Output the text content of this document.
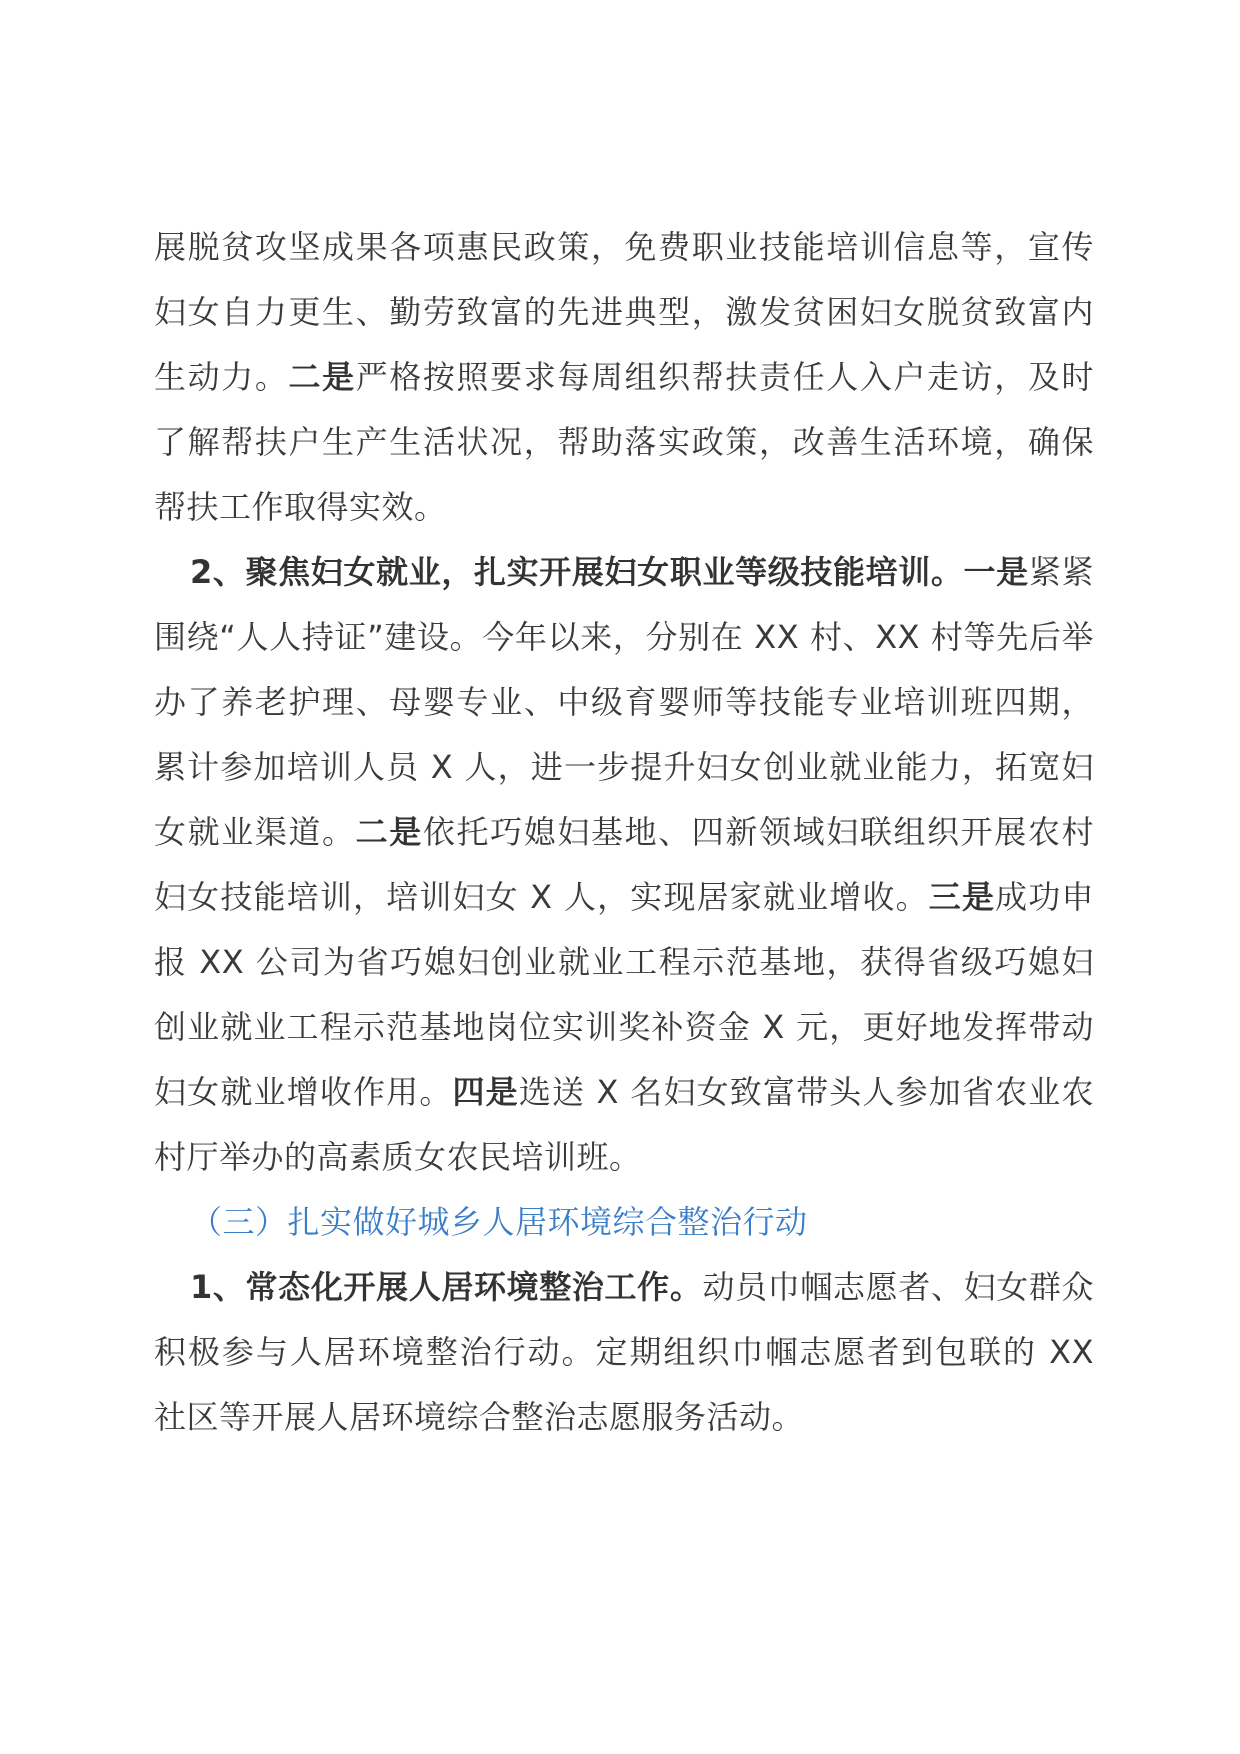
展脱贫攻坚成果各项惠民政策，免费职业技能培训信息等，宣传妇女自力更生、勤劳致富的先进典型，激发贫困妇女脱贫致富内生动力。二是严格按照要求每周组织帮扶责任人入户走访，及时了解帮扶户生产生活状况，帮助落实政策，改善生活环境，确保帮扶工作取得实效。

2、聚焦妇女就业，扎实开展妇女职业等级技能培训。一是紧紧围绕“人人持证”建设。今年以来，分别在 XX 村、XX 村等先后举办了养老护理、母婴专业、中级育婴师等技能专业培训班四期，累计参加培训人员 X 人，进一步提升妇女创业就业能力，拓宽妇女就业渠道。二是依托巧媳妇基地、四新领域妇联组织开展农村妇女技能培训，培训妇女 X 人，实现居家就业增收。三是成功申报 XX 公司为省巧媳妇创业就业工程示范基地，获得省级巧媳妇创业就业工程示范基地岗位实训奖补资金 X 元，更好地发挥带动妇女就业增收作用。四是选送 X 名妇女致富带头人参加省农业农村厅举办的高素质女农民培训班。

（三）扎实做好城乡人居环境综合整治行动

1、常态化开展人居环境整治工作。动员巾帼志愿者、妇女群众积极参与人居环境整治行动。定期组织巾帼志愿者到包联的 XX 社区等开展人居环境综合整治志愿服务活动。
